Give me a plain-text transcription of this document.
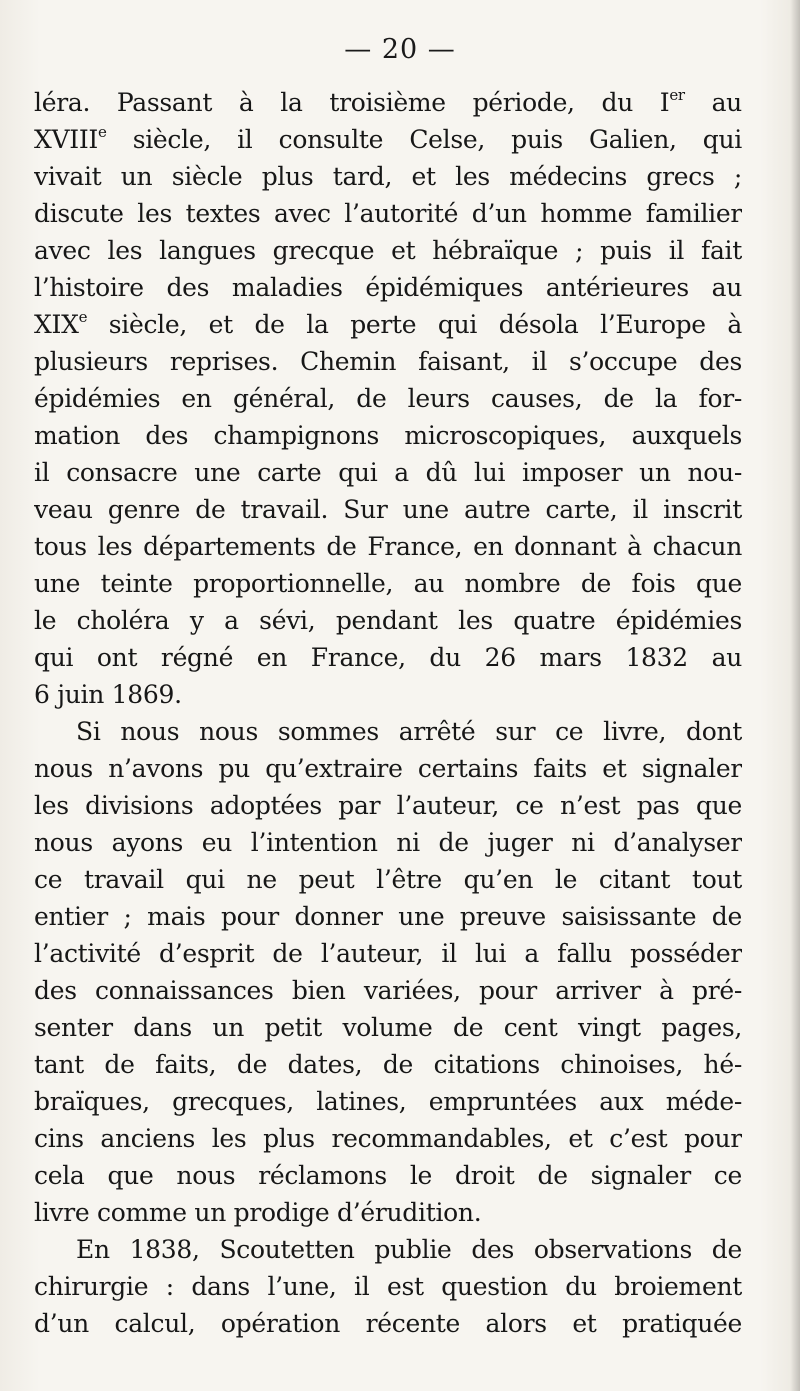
— 20 —
léra. Passant à la troisième période, du Ier au
XVIIIe siècle, il consulte Celse, puis Galien, qui
vivait un siècle plus tard, et les médecins grecs ;
discute les textes avec l’autorité d’un homme familier
avec les langues grecque et hébraïque ; puis il fait
l’histoire des maladies épidémiques antérieures au
XIXe siècle, et de la perte qui désola l’Europe à
plusieurs reprises. Chemin faisant, il s’occupe des
épidémies en général, de leurs causes, de la for-
mation des champignons microscopiques, auxquels
il consacre une carte qui a dû lui imposer un nou-
veau genre de travail. Sur une autre carte, il inscrit
tous les départements de France, en donnant à chacun
une teinte proportionnelle, au nombre de fois que
le choléra y a sévi, pendant les quatre épidémies
qui ont régné en France, du 26 mars 1832 au
6 juin 1869.
Si nous nous sommes arrêté sur ce livre, dont
nous n’avons pu qu’extraire certains faits et signaler
les divisions adoptées par l’auteur, ce n’est pas que
nous ayons eu l’intention ni de juger ni d’analyser
ce travail qui ne peut l’être qu’en le citant tout
entier ; mais pour donner une preuve saisissante de
l’activité d’esprit de l’auteur, il lui a fallu posséder
des connaissances bien variées, pour arriver à pré-
senter dans un petit volume de cent vingt pages,
tant de faits, de dates, de citations chinoises, hé-
braïques, grecques, latines, empruntées aux méde-
cins anciens les plus recommandables, et c’est pour
cela que nous réclamons le droit de signaler ce
livre comme un prodige d’érudition.
En 1838, Scoutetten publie des observations de
chirurgie : dans l’une, il est question du broiement
d’un calcul, opération récente alors et pratiquée
